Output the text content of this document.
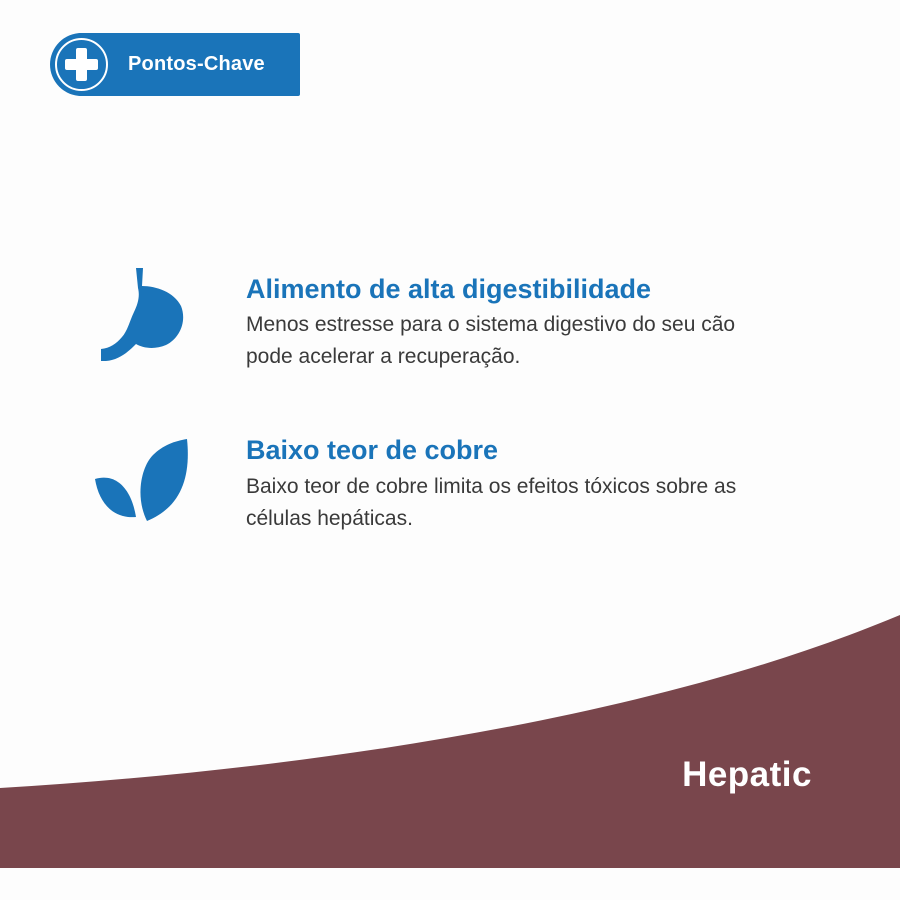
Pontos-Chave
Alimento de alta digestibilidade
Menos estresse para o sistema digestivo do seu cão pode acelerar a recuperação.
Baixo teor de cobre
Baixo teor de cobre limita os efeitos tóxicos sobre as células hepáticas.
Hepatic
